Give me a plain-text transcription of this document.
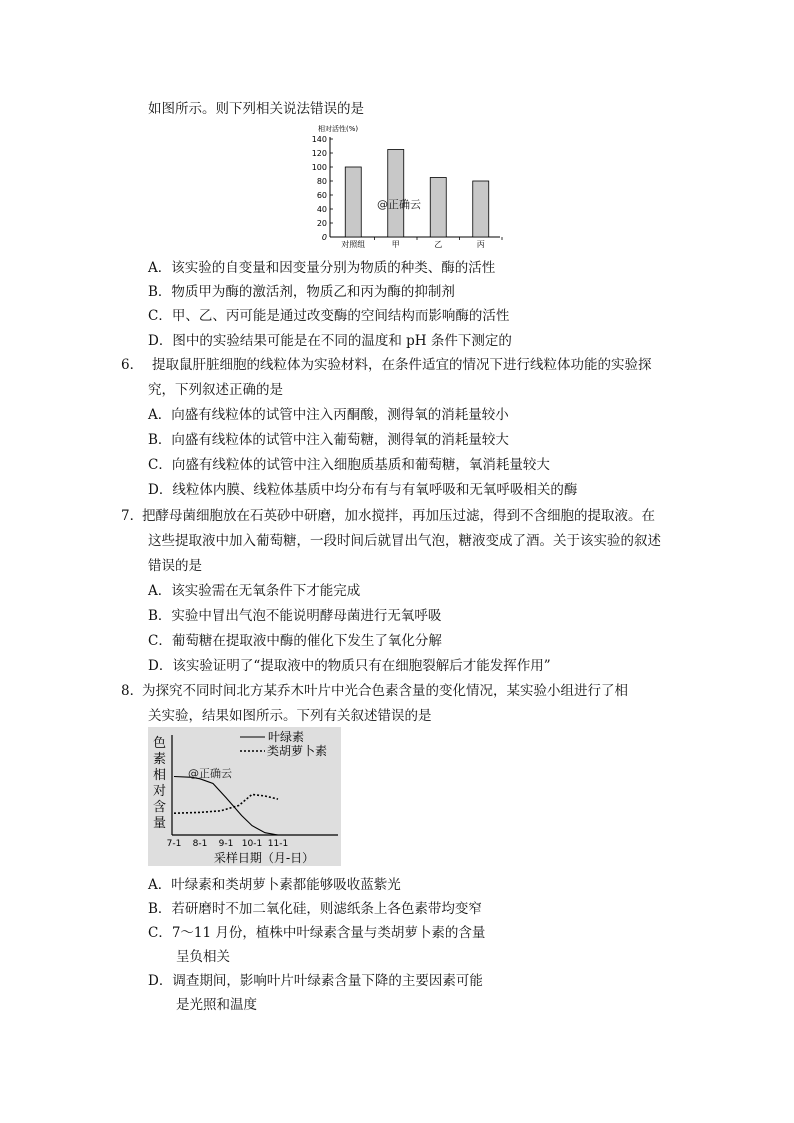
如图所示。则下列相关说法错误的是
相对活性(%)
140
120
100
80
60
40
20
0
对照组	甲	乙	丙
@正确云
A．该实验的自变量和因变量分别为物质的种类、酶的活性
B．物质甲为酶的激活剂，物质乙和丙为酶的抑制剂
C．甲、乙、丙可能是通过改变酶的空间结构而影响酶的活性
D．图中的实验结果可能是在不同的温度和 pH 条件下测定的
6． 提取鼠肝脏细胞的线粒体为实验材料，在条件适宜的情况下进行线粒体功能的实验探
究，下列叙述正确的是
A．向盛有线粒体的试管中注入丙酮酸，测得氧的消耗量较小
B．向盛有线粒体的试管中注入葡萄糖，测得氧的消耗量较大
C．向盛有线粒体的试管中注入细胞质基质和葡萄糖，氧消耗量较大
D．线粒体内膜、线粒体基质中均分布有与有氧呼吸和无氧呼吸相关的酶
7．
把酵母菌细胞放在石英砂中研磨，加水搅拌，再加压过滤，得到不含细胞的提取液。在
这些提取液中加入葡萄糖，一段时间后就冒出气泡，糖液变成了酒。关于该实验的叙述
错误的是
A．该实验需在无氧条件下才能完成
B．实验中冒出气泡不能说明酵母菌进行无氧呼吸
C．葡萄糖在提取液中酶的催化下发生了氧化分解
D．该实验证明了“提取液中的物质只有在细胞裂解后才能发挥作用”
8．
为探究不同时间北方某乔木叶片中光合色素含量的变化情况，某实验小组进行了相
关实验，结果如图所示。下列有关叙述错误的是
色
素
相
对
含
量
7-1 8-1 9-1 10-1 11-1
采样日期（月-日）
叶绿素
类胡萝卜素
@正确云
A．叶绿素和类胡萝卜素都能够吸收蓝紫光
B．若研磨时不加二氧化硅，则滤纸条上各色素带均变窄
C．7～11 月份，植株中叶绿素含量与类胡萝卜素的含量
呈负相关
D．调查期间，影响叶片叶绿素含量下降的主要因素可能
是光照和温度
